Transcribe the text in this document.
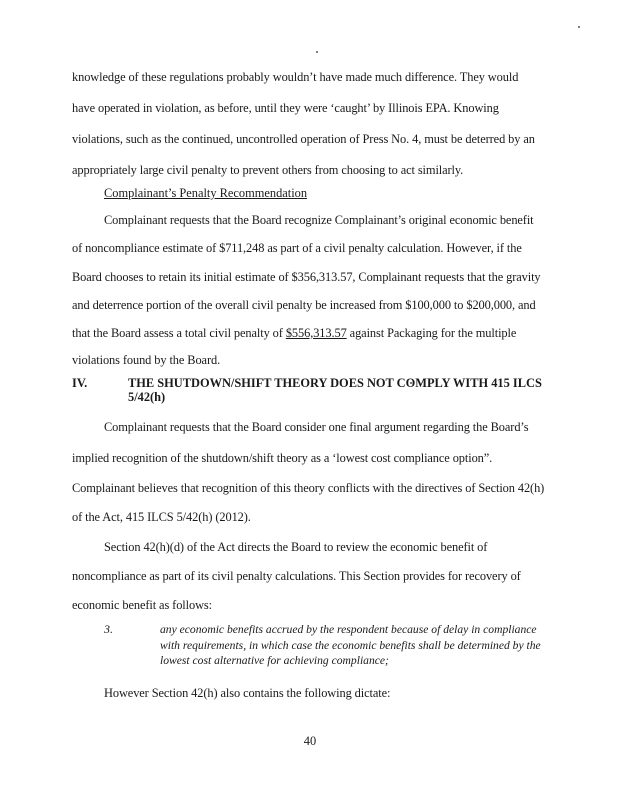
knowledge of these regulations probably wouldn’t have made much difference. They would
have operated in violation, as before, until they were ‘caught’ by Illinois EPA. Knowing
violations, such as the continued, uncontrolled operation of Press No. 4, must be deterred by an
appropriately large civil penalty to prevent others from choosing to act similarly.
Complainant’s Penalty Recommendation
Complainant requests that the Board recognize Complainant’s original economic benefit
of noncompliance estimate of $711,248 as part of a civil penalty calculation. However, if the
Board chooses to retain its initial estimate of $356,313.57, Complainant requests that the gravity
and deterrence portion of the overall civil penalty be increased from $100,000 to $200,000, and
that the Board assess a total civil penalty of $556,313.57 against Packaging for the multiple
violations found by the Board.
IV.	THE SHUTDOWN/SHIFT THEORY DOES NOT COMPLY WITH 415 ILCS
5/42(h)
Complainant requests that the Board consider one final argument regarding the Board’s
implied recognition of the shutdown/shift theory as a ‘lowest cost compliance option”.
Complainant believes that recognition of this theory conflicts with the directives of Section 42(h)
of the Act, 415 ILCS 5/42(h) (2012).
Section 42(h)(d) of the Act directs the Board to review the economic benefit of
noncompliance as part of its civil penalty calculations. This Section provides for recovery of
economic benefit as follows:
3.	any economic benefits accrued by the respondent because of delay in compliance with requirements, in which case the economic benefits shall be determined by the lowest cost alternative for achieving compliance;
However Section 42(h) also contains the following dictate:
40
